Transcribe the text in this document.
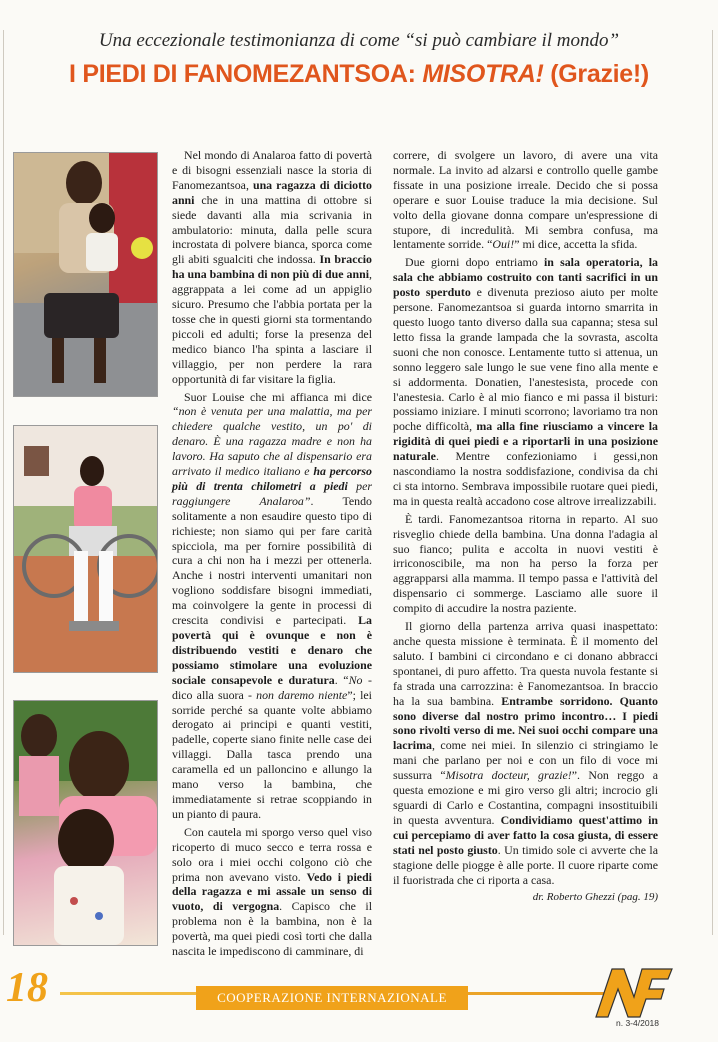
Una eccezionale testimonianza di come “si può cambiare il mondo”
I PIEDI DI FANOMEZANTSOA: MISOTRA! (Grazie!)

Nel mondo di Analaroa fatto di povertà e di bisogni essenziali nasce la storia di Fanomezantsoa, una ragazza di diciotto anni che in una mattina di ottobre si siede davanti alla mia scrivania in ambulatorio: minuta, dalla pelle scura incrostata di polvere bianca, sporca come gli abiti sgualciti che indossa. In braccio ha una bambina di non più di due anni, aggrappata a lei come ad un appiglio sicuro. Presumo che l'abbia portata per la tosse che in questi giorni sta tormentando piccoli ed adulti; forse la presenza del medico bianco l'ha spinta a lasciare il villaggio, per non perdere la rara opportunità di far visitare la figlia.

Suor Louise che mi affianca mi dice “non è venuta per una malattia, ma per chiedere qualche vestito, un po' di denaro. È una ragazza madre e non ha lavoro. Ha saputo che al dispensario era arrivato il medico italiano e ha percorso più di trenta chilometri a piedi per raggiungere Analaroa”. Tendo solitamente a non esaudire questo tipo di richieste; non siamo qui per fare carità spicciola, ma per fornire possibilità di cura a chi non ha i mezzi per ottenerla. Anche i nostri interventi umanitari non vogliono soddisfare bisogni immediati, ma coinvolgere la gente in processi di crescita condivisi e partecipati. La povertà qui è ovunque e non è distribuendo vestiti e denaro che possiamo stimolare una evoluzione sociale consapevole e duratura. “No - dico alla suora - non daremo niente”; lei sorride perché sa quante volte abbiamo derogato ai principi e quanti vestiti, padelle, coperte siano finite nelle case dei villaggi. Dalla tasca prendo una caramella ed un palloncino e allungo la mano verso la bambina, che immediatamente si retrae scoppiando in un pianto di paura.

Con cautela mi sporgo verso quel viso ricoperto di muco secco e terra rossa e solo ora i miei occhi colgono ciò che prima non avevano visto. Vedo i piedi della ragazza e mi assale un senso di vuoto, di vergogna. Capisco che il problema non è la bambina, non è la povertà, ma quei piedi così torti che dalla nascita le impediscono di camminare, di

correre, di svolgere un lavoro, di avere una vita normale. La invito ad alzarsi e controllo quelle gambe fissate in una posizione irreale. Decido che si possa operare e suor Louise traduce la mia decisione. Sul volto della giovane donna compare un'espressione di stupore, di incredulità. Mi sembra confusa, ma lentamente sorride. “Oui!” mi dice, accetta la sfida.

Due giorni dopo entriamo in sala operatoria, la sala che abbiamo costruito con tanti sacrifici in un posto sperduto e divenuta prezioso aiuto per molte persone. Fanomezantsoa si guarda intorno smarrita in questo luogo tanto diverso dalla sua capanna; stesa sul letto fissa la grande lampada che la sovrasta, ascolta suoni che non conosce. Lentamente tutto si attenua, un sonno leggero sale lungo le sue vene fino alla mente e si addormenta. Donatien, l'anestesista, procede con l'anestesia. Carlo è al mio fianco e mi passa il bisturi: possiamo iniziare. I minuti scorrono; lavoriamo tra non poche difficoltà, ma alla fine riusciamo a vincere la rigidità di quei piedi e a riportarli in una posizione naturale. Mentre confezioniamo i gessi,non nascondiamo la nostra soddisfazione, condivisa da chi ci sta intorno. Sembrava impossibile ruotare quei piedi, ma in questa realtà accadono cose altrove irrealizzabili.

È tardi. Fanomezantsoa ritorna in reparto. Al suo risveglio chiede della bambina. Una donna l'adagia al suo fianco; pulita e accolta in nuovi vestiti è irriconoscibile, ma non ha perso la forza per aggrapparsi alla mamma. Il tempo passa e l'attività del dispensario ci sommerge. Lasciamo alle suore il compito di accudire la nostra paziente.

Il giorno della partenza arriva quasi inaspettato: anche questa missione è terminata. È il momento del saluto. I bambini ci circondano e ci donano abbracci spontanei, di puro affetto. Tra questa nuvola festante si fa strada una carrozzina: è Fanomezantsoa. In braccio ha la sua bambina. Entrambe sorridono. Quanto sono diverse dal nostro primo incontro… I piedi sono rivolti verso di me. Nei suoi occhi compare una lacrima, come nei miei. In silenzio ci stringiamo le mani che parlano per noi e con un filo di voce mi sussurra “Misotra docteur, grazie!”. Non reggo a questa emozione e mi giro verso gli altri; incrocio gli sguardi di Carlo e Costantina, compagni insostituibili in questa avventura. Condividiamo quest'attimo in cui percepiamo di aver fatto la cosa giusta, di essere stati nel posto giusto. Un timido sole ci avverte che la stagione delle piogge è alle porte. Il cuore riparte come il fuoristrada che ci riporta a casa.

dr. Roberto Ghezzi (pag. 19)
18	COOPERAZIONE INTERNAZIONALE
n. 3-4/2018
